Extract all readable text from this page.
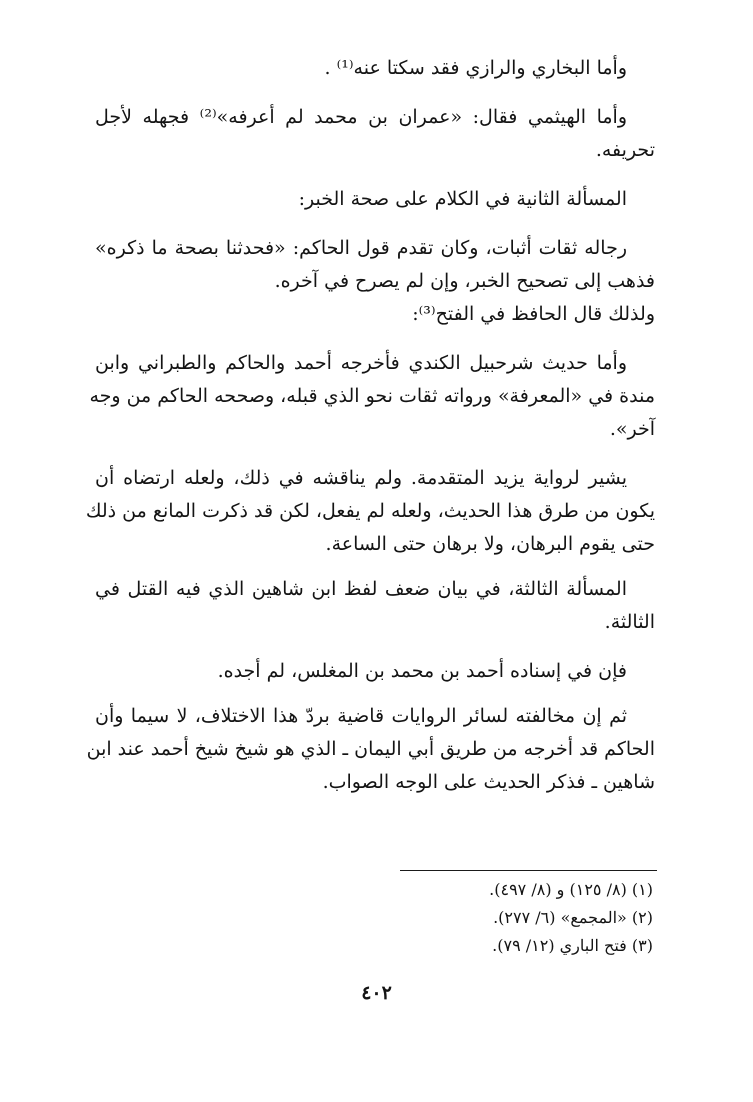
وأما البخاري والرازي فقد سكتا عنه⁽¹⁾ .

وأما الهيثمي فقال: «عمران بن محمد لم أعرفه»⁽²⁾ فجهله لأجل
تحريفه.

المسألة الثانية في الكلام على صحة الخبر:

رجاله ثقات أثبات، وكان تقدم قول الحاكم: «فحدثنا بصحة ما ذكره»
فذهب إلى تصحيح الخبر، وإن لم يصرح في آخره.
ولذلك قال الحافظ في الفتح⁽³⁾:

وأما حديث شرحبيل الكندي فأخرجه أحمد والحاكم والطبراني وابن
مندة في «المعرفة» ورواته ثقات نحو الذي قبله، وصححه الحاكم من وجه
آخر».

يشير لرواية يزيد المتقدمة. ولم يناقشه في ذلك، ولعله ارتضاه أن
يكون من طرق هذا الحديث، ولعله لم يفعل، لكن قد ذكرت المانع من ذلك
حتى يقوم البرهان، ولا برهان حتى الساعة.

المسألة الثالثة، في بيان ضعف لفظ ابن شاهين الذي فيه القتل في
الثالثة.

فإن في إسناده أحمد بن محمد بن المغلس، لم أجده.

ثم إن مخالفته لسائر الروايات قاضية بردّ هذا الاختلاف، لا سيما وأن
الحاكم قد أخرجه من طريق أبي اليمان ـ الذي هو شيخ شيخ أحمد عند ابن
شاهين ـ فذكر الحديث على الوجه الصواب.

(١) (٨/ ١٢٥) و (٨/ ٤٩٧).
(٢) «المجمع» (٦/ ٢٧٧).
(٣) فتح الباري (١٢/ ٧٩).
٤٠٢
